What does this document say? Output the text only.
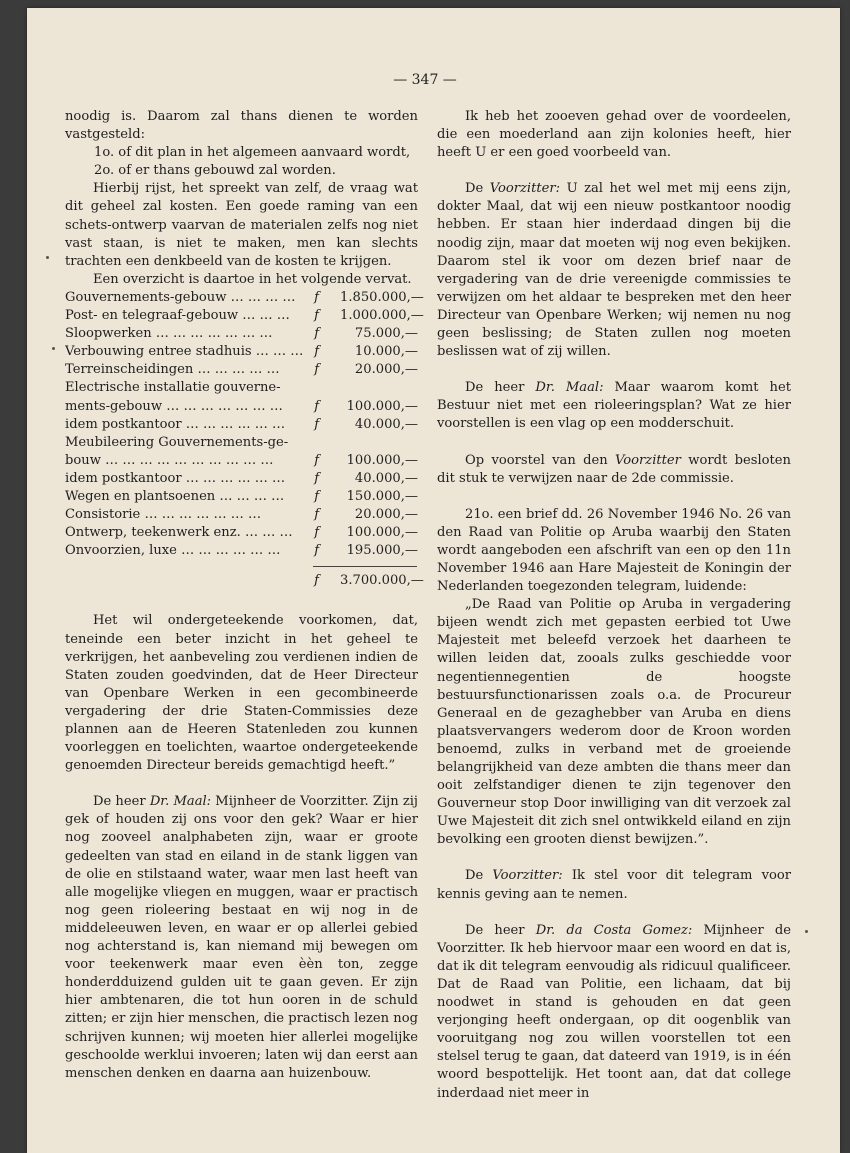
— 347 —

noodig is. Daarom zal thans dienen te worden vastgesteld:

1o. of dit plan in het algemeen aanvaard wordt,

2o. of er thans gebouwd zal worden.

Hierbij rijst, het spreekt van zelf, de vraag wat dit geheel zal kosten. Een goede raming van een schets-ontwerp vaarvan de materialen zelfs nog niet vast staan, is niet te maken, men kan slechts trachten een denkbeeld van de kosten te krijgen.

Een overzicht is daartoe in het volgende vervat.

Gouvernements-gebouw … … … …	f	1.850.000,—
Post- en telegraaf-gebouw … … …	f	1.000.000,—
Sloopwerken … … … … … … …	f	75.000,—
Verbouwing entree stadhuis … … … f	10.000,—
Terreinscheidingen … … … … …	f	20.000,—
Electrische installatie gouverne-
ments-gebouw … … … … … … …	f	100.000,—
idem postkantoor … … … … … …	f	40.000,—
Meubileering Gouvernements-ge-
bouw … … … … … … … … … …	f	100.000,—
idem postkantoor … … … … … …	f	40.000,—
Wegen en plantsoenen … … … …	f	150.000,—
Consistorie … … … … … … …	f	20.000,—
Ontwerp, teekenwerk enz. … … …	f	100.000,—
Onvoorzien, luxe … … … … … …	f	195.000,—
f	3.700.000,—

Het wil ondergeteekende voorkomen, dat, teneinde een beter inzicht in het geheel te verkrijgen, het aanbeveling zou verdienen indien de Staten zouden goedvinden, dat de Heer Directeur van Openbare Werken in een gecombineerde vergadering der drie Staten-Commissies deze plannen aan de Heeren Statenleden zou kunnen voorleggen en toelichten, waartoe ondergeteekende genoemden Directeur bereids gemachtigd heeft.”

De heer Dr. Maal: Mijnheer de Voorzitter. Zijn zij gek of houden zij ons voor den gek? Waar er hier nog zooveel analphabeten zijn, waar er groote gedeelten van stad en eiland in de stank liggen van de olie en stilstaand water, waar men last heeft van alle mogelijke vliegen en muggen, waar er practisch nog geen rioleering bestaat en wij nog in de middeleeuwen leven, en waar er op allerlei gebied nog achterstand is, kan niemand mij bewegen om voor teekenwerk maar even èèn ton, zegge honderdduizend gulden uit te gaan geven. Er zijn hier ambtenaren, die tot hun ooren in de schuld zitten; er zijn hier menschen, die practisch lezen nog schrijven kunnen; wij moeten hier allerlei mogelijke geschoolde werklui invoeren; laten wij dan eerst aan menschen denken en daarna aan huizenbouw.

Ik heb het zooeven gehad over de voordeelen, die een moederland aan zijn kolonies heeft, hier heeft U er een goed voorbeeld van.

De Voorzitter: U zal het wel met mij eens zijn, dokter Maal, dat wij een nieuw postkantoor noodig hebben. Er staan hier inderdaad dingen bij die noodig zijn, maar dat moeten wij nog even bekijken. Daarom stel ik voor om dezen brief naar de vergadering van de drie vereenigde commissies te verwijzen om het aldaar te bespreken met den heer Directeur van Openbare Werken; wij nemen nu nog geen beslissing; de Staten zullen nog moeten beslissen wat of zij willen.

De heer Dr. Maal: Maar waarom komt het Bestuur niet met een rioleeringsplan? Wat ze hier voorstellen is een vlag op een modderschuit.

Op voorstel van den Voorzitter wordt besloten dit stuk te verwijzen naar de 2de commissie.

21o. een brief dd. 26 November 1946 No. 26 van den Raad van Politie op Aruba waarbij den Staten wordt aangeboden een afschrift van een op den 11n November 1946 aan Hare Majesteit de Koningin der Nederlanden toegezonden telegram, luidende:

„De Raad van Politie op Aruba in vergadering bijeen wendt zich met gepasten eerbied tot Uwe Majesteit met beleefd verzoek het daarheen te willen leiden dat, zooals zulks geschiedde voor negentiennegentien de hoogste bestuursfunctionarissen zoals o.a. de Procureur Generaal en de gezaghebber van Aruba en diens plaatsvervangers wederom door de Kroon worden benoemd, zulks in verband met de groeiende belangrijkheid van deze ambten die thans meer dan ooit zelfstandiger dienen te zijn tegenover den Gouverneur stop Door inwilliging van dit verzoek zal Uwe Majesteit dit zich snel ontwikkeld eiland en zijn bevolking een grooten dienst bewijzen.”.

De Voorzitter: Ik stel voor dit telegram voor kennis geving aan te nemen.

De heer Dr. da Costa Gomez: Mijnheer de Voorzitter. Ik heb hiervoor maar een woord en dat is, dat ik dit telegram eenvoudig als ridicuul qualificeer. Dat de Raad van Politie, een lichaam, dat bij noodwet in stand is gehouden en dat geen verjonging heeft ondergaan, op dit oogenblik van vooruitgang nog zou willen voorstellen tot een stelsel terug te gaan, dat dateerd van 1919, is in één woord bespottelijk. Het toont aan, dat dat college inderdaad niet meer in
